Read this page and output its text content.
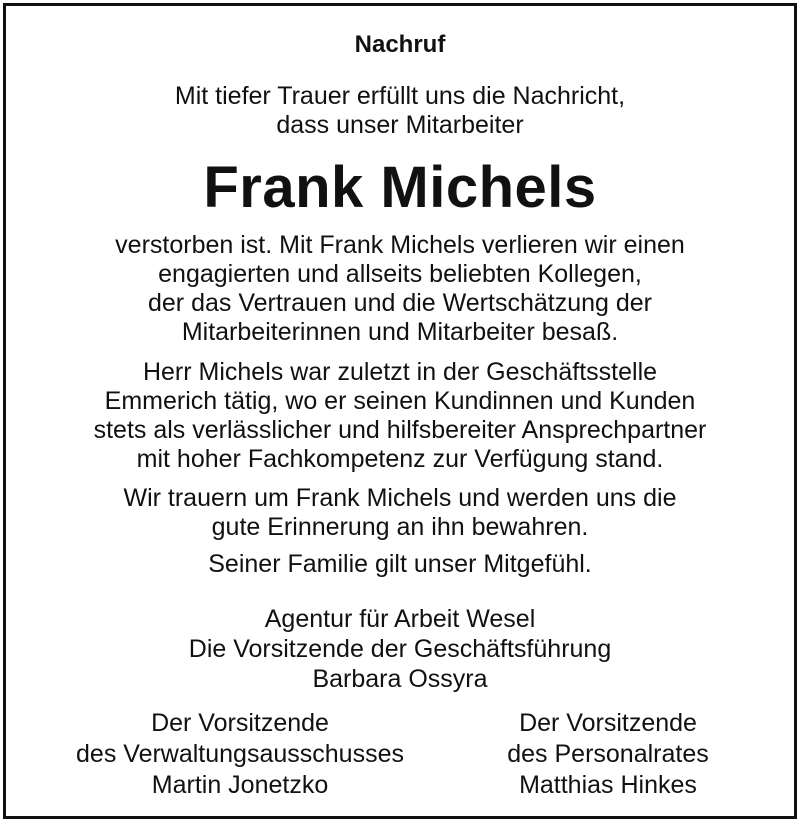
Nachruf
Mit tiefer Trauer erfüllt uns die Nachricht,
dass unser Mitarbeiter
Frank Michels
verstorben ist. Mit Frank Michels verlieren wir einen
engagierten und allseits beliebten Kollegen,
der das Vertrauen und die Wertschätzung der
Mitarbeiterinnen und Mitarbeiter besaß.
Herr Michels war zuletzt in der Geschäftsstelle
Emmerich tätig, wo er seinen Kundinnen und Kunden
stets als verlässlicher und hilfsbereiter Ansprechpartner
mit hoher Fachkompetenz zur Verfügung stand.
Wir trauern um Frank Michels und werden uns die
gute Erinnerung an ihn bewahren.
Seiner Familie gilt unser Mitgefühl.
Agentur für Arbeit Wesel
Die Vorsitzende der Geschäftsführung
Barbara Ossyra
Der Vorsitzende
des Verwaltungsausschusses
Martin Jonetzko
Der Vorsitzende
des Personalrates
Matthias Hinkes
